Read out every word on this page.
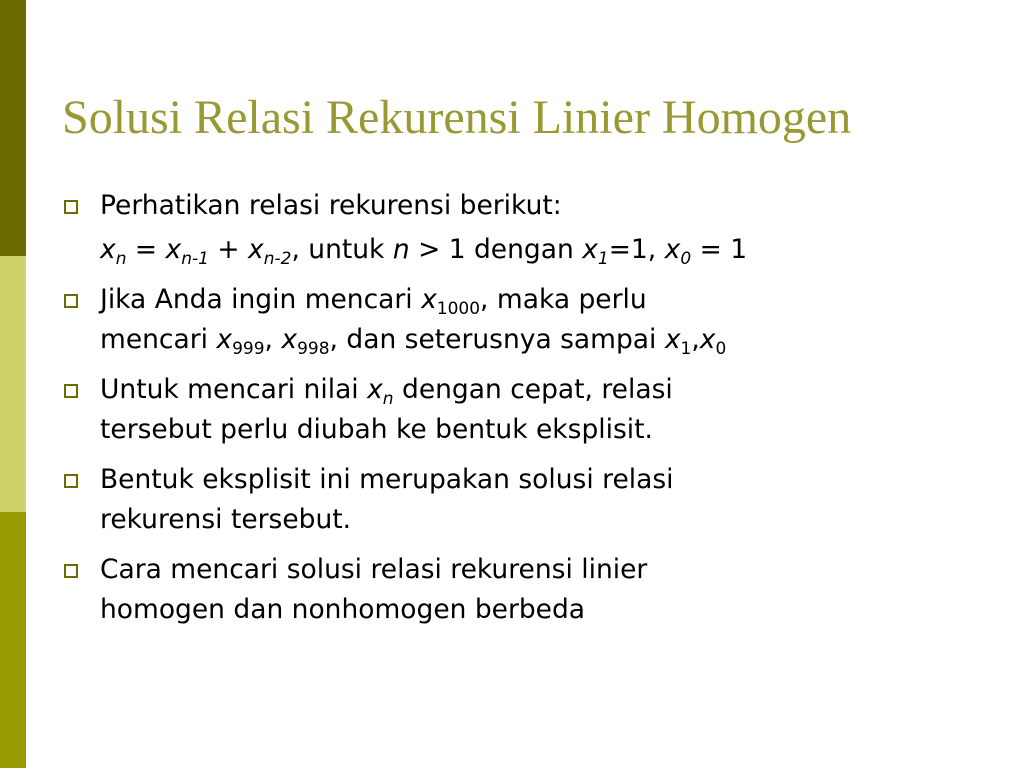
Solusi Relasi Rekurensi Linier Homogen
Perhatikan relasi rekurensi berikut:
$x_n = x_{n-1} + x_{n-2}$, untuk n > 1 dengan $x_1=1$, $x_0 = 1$
Jika Anda ingin mencari $x_{1000}$, maka perlu
mencari $x_{999}$, $x_{998}$, dan seterusnya sampai $x_1,x_0$
Untuk mencari nilai $x_n$ dengan cepat, relasi
tersebut perlu diubah ke bentuk eksplisit.
Bentuk eksplisit ini merupakan solusi relasi
rekurensi tersebut.
Cara mencari solusi relasi rekurensi linier
homogen dan nonhomogen berbeda
